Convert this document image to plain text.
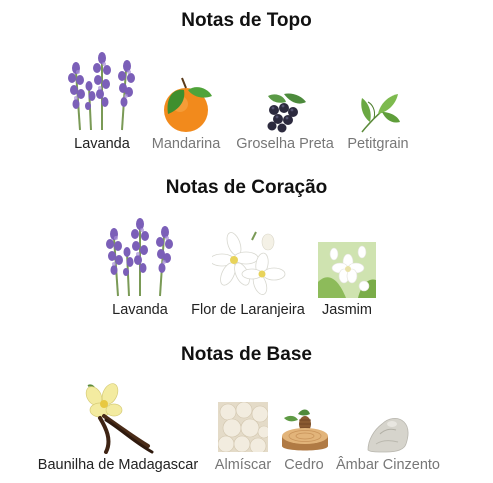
Notas de Topo
Lavanda Mandarina Groselha Preta Petitgrain
Notas de Coração
Lavanda Flor de Laranjeira Jasmim
Notas de Base
Baunilha de Madagascar Almíscar Cedro Âmbar Cinzento
